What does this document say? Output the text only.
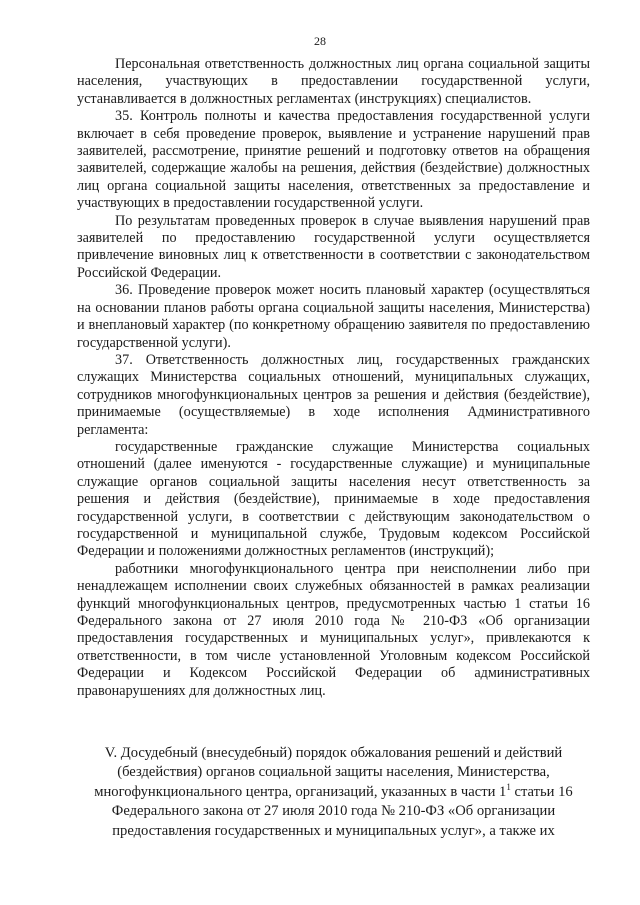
28

Персональная ответственность должностных лиц органа социальной защиты населения, участвующих в предоставлении государственной услуги, устанавливается в должностных регламентах (инструкциях) специалистов.

35. Контроль полноты и качества предоставления государственной услуги включает в себя проведение проверок, выявление и устранение нарушений прав заявителей, рассмотрение, принятие решений и подготовку ответов на обращения заявителей, содержащие жалобы на решения, действия (бездействие) должностных лиц органа социальной защиты населения, ответственных за предоставление и участвующих в предоставлении государственной услуги.

По результатам проведенных проверок в случае выявления нарушений прав заявителей по предоставлению государственной услуги осуществляется привлечение виновных лиц к ответственности в соответствии с законодательством Российской Федерации.

36. Проведение проверок может носить плановый характер (осуществляться на основании планов работы органа социальной защиты населения, Министерства) и внеплановый характер (по конкретному обращению заявителя по предоставлению государственной услуги).

37. Ответственность должностных лиц, государственных гражданских служащих Министерства социальных отношений, муниципальных служащих, сотрудников многофункциональных центров за решения и действия (бездействие), принимаемые (осуществляемые) в ходе исполнения Административного регламента:

государственные гражданские служащие Министерства социальных отношений (далее именуются - государственные служащие) и муниципальные служащие органов социальной защиты населения несут ответственность за решения и действия (бездействие), принимаемые в ходе предоставления государственной услуги, в соответствии с действующим законодательством о государственной и муниципальной службе, Трудовым кодексом Российской Федерации и положениями должностных регламентов (инструкций);

работники многофункционального центра при неисполнении либо при ненадлежащем исполнении своих служебных обязанностей в рамках реализации функций многофункциональных центров, предусмотренных частью 1 статьи 16 Федерального закона от 27 июля 2010 года № 210-ФЗ «Об организации предоставления государственных и муниципальных услуг», привлекаются к ответственности, в том числе установленной Уголовным кодексом Российской Федерации и Кодексом Российской Федерации об административных правонарушениях для должностных лиц.

V. Досудебный (внесудебный) порядок обжалования решений и действий (бездействия) органов социальной защиты населения, Министерства, многофункционального центра, организаций, указанных в части $1^1$ статьи 16 Федерального закона от 27 июля 2010 года № 210-ФЗ «Об организации предоставления государственных и муниципальных услуг», а также их
